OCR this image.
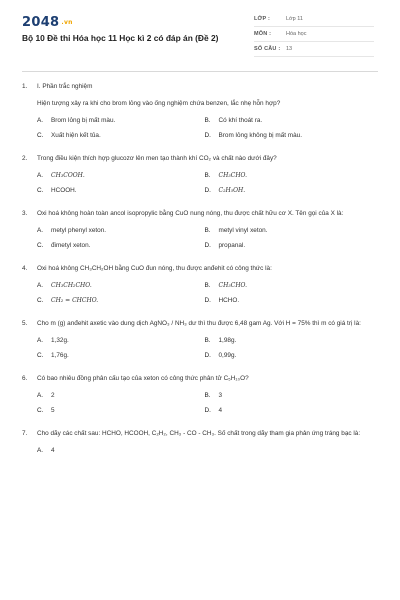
2048 .vn
Bộ 10 Đề thi Hóa học 11 Học kì 2 có đáp án (Đề 2)
LỚP :	Lớp 11
MÔN :	Hóa học
SỐ CÂU : 13
1.	I. Phần trắc nghiệm
Hiện tượng xảy ra khi cho brom lỏng vào ống nghiệm chứa benzen, lắc nhẹ hỗn hợp?
A.	Brom lỏng bị mất màu.	B.	Có khí thoát ra.
C.	Xuất hiện kết tủa.	D.	Brom lỏng không bị mất màu.
2.	Trong điều kiện thích hợp glucozơ lên men tạo thành khí CO₂ và chất nào dưới đây?
A.	CH₃COOH.	B.	CH₃CHO.
C.	HCOOH.	D.	C₂H₅OH.
3.	Oxi hoá không hoàn toàn ancol isopropylic bằng CuO nung nóng, thu được chất hữu cơ X. Tên gọi của X là:
A.	metyl phenyl xeton.	B.	metyl vinyl xeton.
C.	đimetyl xeton.	D.	propanal.
4.	Oxi hoá không CH₃CH₂OH bằng CuO đun nóng, thu được anđehit có công thức là:
A.	CH₃CH₂CHO.	B.	CH₃CHO.
C.	CH₂ = CHCHO.	D.	HCHO.
5.	Cho m (g) anđehit axetic vào dung dịch AgNO₃ / NH₃ dư thì thu được 6,48 gam Ag. Với H = 75% thì m có giá trị là:
A.	1,32g.	B.	1,98g.
C.	1,76g.	D.	0,99g.
6.	Có bao nhiêu đồng phân cấu tạo của xeton có công thức phân tử C₅H₁₀O?
A.	2	B.	3
C.	5	D.	4
7.	Cho dãy các chất sau: HCHO, HCOOH, C₂H₂, CH₃ - CO - CH₃. Số chất trong dãy tham gia phản ứng tráng bạc là:
A.	4
